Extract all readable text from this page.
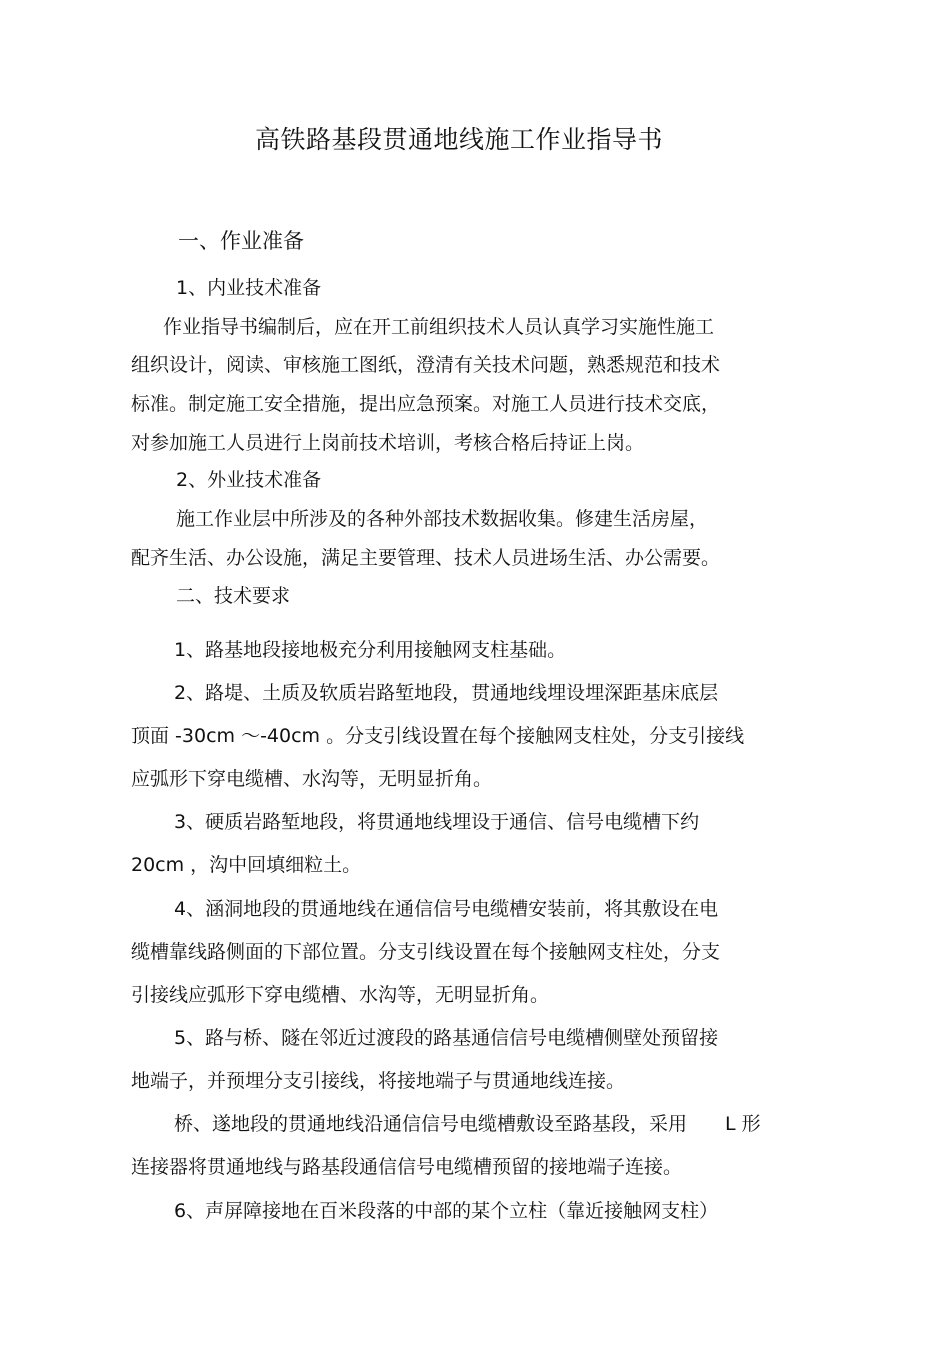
高铁路基段贯通地线施工作业指导书
一、作业准备
1、内业技术准备
作业指导书编制后，应在开工前组织技术人员认真学习实施性施工
组织设计，阅读、审核施工图纸，澄清有关技术问题，熟悉规范和技术
标准。制定施工安全措施，提出应急预案。对施工人员进行技术交底，
对参加施工人员进行上岗前技术培训，考核合格后持证上岗。
2、外业技术准备
施工作业层中所涉及的各种外部技术数据收集。修建生活房屋，
配齐生活、办公设施，满足主要管理、技术人员进场生活、办公需要。
二、技术要求
1、路基地段接地极充分利用接触网支柱基础。
2、路堤、土质及软质岩路堑地段，贯通地线埋设埋深距基床底层
顶面 -30cm ～-40cm 。分支引线设置在每个接触网支柱处，分支引接线
应弧形下穿电缆槽、水沟等，无明显折角。
3、硬质岩路堑地段，将贯通地线埋设于通信、信号电缆槽下约
20cm ，沟中回填细粒土。
4、涵洞地段的贯通地线在通信信号电缆槽安装前，将其敷设在电
缆槽靠线路侧面的下部位置。分支引线设置在每个接触网支柱处，分支
引接线应弧形下穿电缆槽、水沟等，无明显折角。
5、路与桥、隧在邻近过渡段的路基通信信号电缆槽侧壁处预留接
地端子，并预埋分支引接线，将接地端子与贯通地线连接。
桥、遂地段的贯通地线沿通信信号电缆槽敷设至路基段，采用 L 形
连接器将贯通地线与路基段通信信号电缆槽预留的接地端子连接。
6、声屏障接地在百米段落的中部的某个立柱（靠近接触网支柱）
